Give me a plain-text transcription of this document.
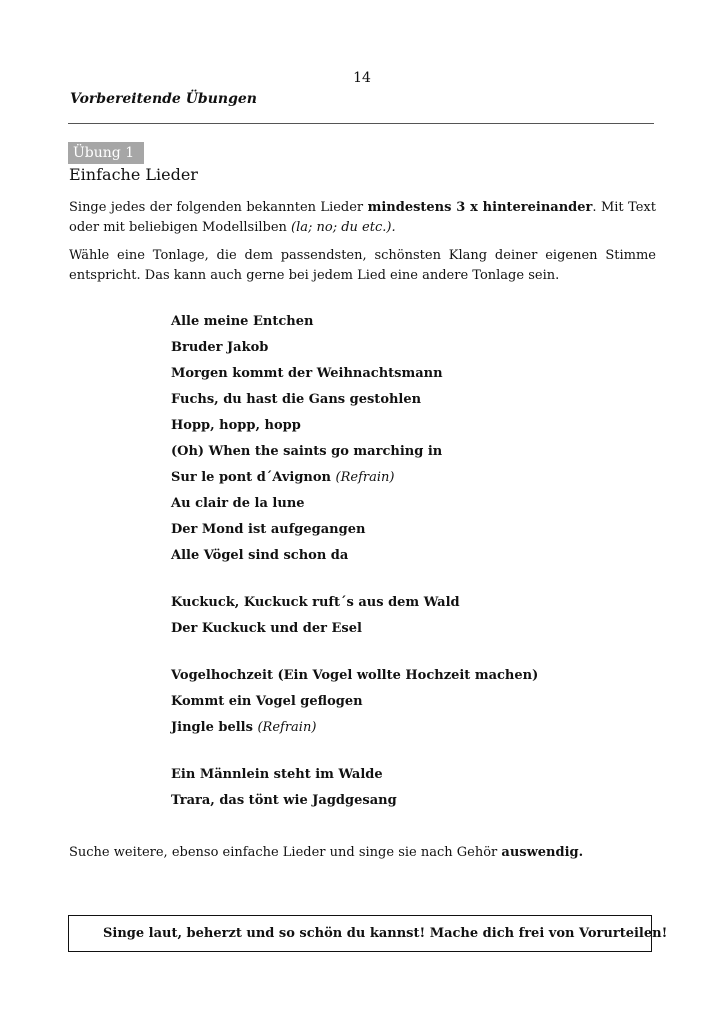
14
Vorbereitende Übungen
Übung 1
Einfache Lieder

Singe jedes der folgenden bekannten Lieder mindestens 3 x hintereinander. Mit Text oder mit beliebigen Modellsilben (la; no; du etc.).

Wähle eine Tonlage, die dem passendsten, schönsten Klang deiner eigenen Stimme entspricht. Das kann auch gerne bei jedem Lied eine andere Tonlage sein.

Alle meine Entchen
Bruder Jakob
Morgen kommt der Weihnachtsmann
Fuchs, du hast die Gans gestohlen
Hopp, hopp, hopp
(Oh) When the saints go marching in
Sur le pont d´Avignon (Refrain)
Au clair de la lune
Der Mond ist aufgegangen
Alle Vögel sind schon da
Kuckuck, Kuckuck ruft´s aus dem Wald
Der Kuckuck und der Esel
Vogelhochzeit (Ein Vogel wollte Hochzeit machen)
Kommt ein Vogel geflogen
Jingle bells (Refrain)
Ein Männlein steht im Walde
Trara, das tönt wie Jagdgesang

Suche weitere, ebenso einfache Lieder und singe sie nach Gehör auswendig.

Singe laut, beherzt und so schön du kannst! Mache dich frei von Vorurteilen!
